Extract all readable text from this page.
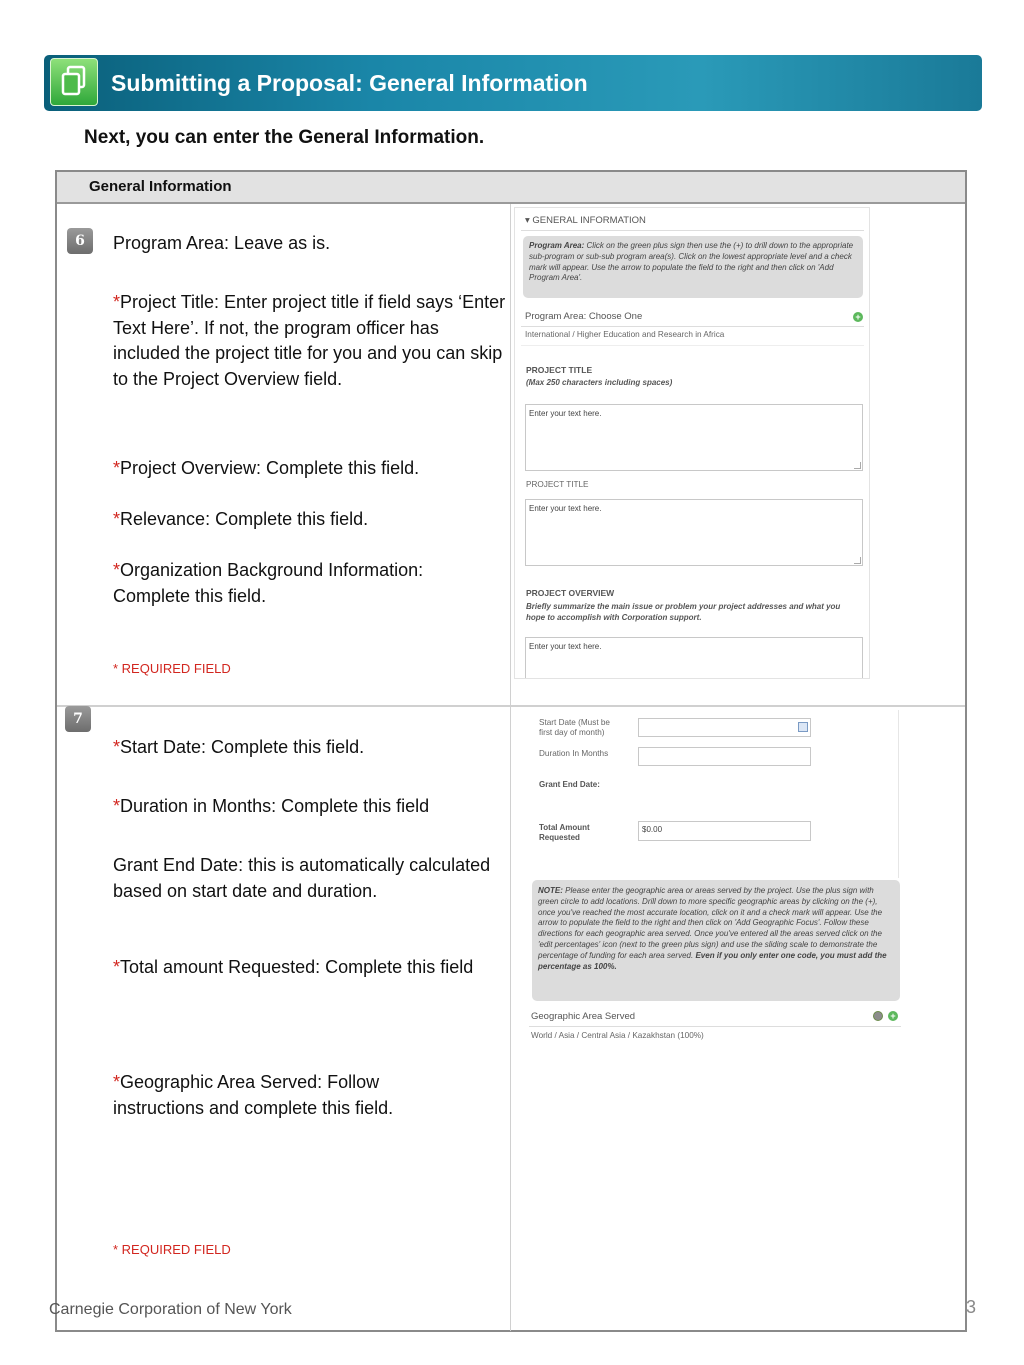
Submitting a Proposal: General Information
Next, you can enter the General Information.
General Information
6	Program Area: Leave as is.
*Project Title: Enter project title if field says ‘Enter Text Here’. If not, the program officer has included the project title for you and you can skip to the Project Overview field.
*Project Overview: Complete this field.
*Relevance: Complete this field.
*Organization Background Information: Complete this field.
* REQUIRED FIELD
▾ GENERAL INFORMATION
Program Area: Click on the green plus sign then use the (+) to drill down to the appropriate sub-program or sub-sub program area(s). Click on the lowest appropriate level and a check mark will appear. Use the arrow to populate the field to the right and then click on 'Add Program Area'.
Program Area: Choose One	+
International / Higher Education and Research in Africa
PROJECT TITLE
(Max 250 characters including spaces)
Enter your text here.
PROJECT TITLE
Enter your text here.
PROJECT OVERVIEW
Briefly summarize the main issue or problem your project addresses and what you hope to accomplish with Corporation support.
Enter your text here.
7
*Start Date: Complete this field.
*Duration in Months: Complete this field
Grant End Date: this is automatically calculated based on start date and duration.
*Total amount Requested: Complete this field
*Geographic Area Served: Follow instructions and complete this field.
* REQUIRED FIELD
Start Date (Must be first day of month)
Duration In Months
Grant End Date:
Total Amount Requested
$0.00
NOTE: Please enter the geographic area or areas served by the project. Use the plus sign with green circle to add locations. Drill down to more specific geographic areas by clicking on the (+), once you've reached the most accurate location, click on it and a check mark will appear. Use the arrow to populate the field to the right and then click on 'Add Geographic Focus'. Follow these directions for each geographic area served. Once you've entered all the areas served click on the 'edit percentages' icon (next to the green plus sign) and use the sliding scale to demonstrate the percentage of funding for each area served. Even if you only enter one code, you must add the percentage as 100%.
Geographic Area Served	+
World / Asia / Central Asia / Kazakhstan (100%)
Carnegie Corporation of New York	3
